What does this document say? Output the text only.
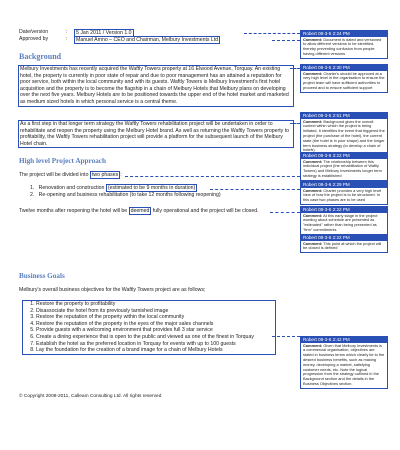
Date/version	:	5 Jan 2011 / Version 1.0
Approved by	:	Manuel Amno – CEO and Chairman, Melbury Investments Ltd
Background
Melbury Investments has recently acquired the Waftly Towers property at 16 Elwood Avenue, Torquay. An existing hotel, the property is currently in poor state of repair and due to poor management has an attained a reputation for poor service, both within the local community and with its guests. Waftly Towers is Melbury Investment's first hotel acquisition and the property is to become the flagship in a chain of Melbury Hotels that Melbury plans on developing over the next five years. Melbury Hotels are to be positioned towards the upper end of the hotel market and marketed as medium sized hotels in which personal service is a central theme.
As a first step in that longer term strategy the Waftly Towers rehabilitation project will be undertaken in order to rehabilitate and reopen the property using the Melbury Hotel brand. As well as returning the Waftly Towers property to profitability, the Waftly Towers rehabilitation project will provide a platform for the subsequent launch of the Melbury Hotel chain.
High level Project Approach
The project will be divided into two phases :
1.   Renovation and construction (estimated to be 9 months in duration)
2.   Re-opening and business rehabilitation (to take 12 months following reopening)
Twelve months after reopening the hotel will be deemed fully operational and the project will be closed.
Business Goals
Melbury's overall business objectives for the Waftly Towers project are as follows;
1. Restore the property to profitability
2. Disassociate the hotel from its previously tarnished image
3. Restore the reputation of the property within the local community
4. Restore the reputation of the property in the eyes of the major sales channels
5. Provide guests with a welcoming environment that provides full 3 star service
6. Create a dining experience that is open to the public and viewed as one of the finest in Torquay
7. Establish the hotel as the preferred location in Torquay for events with up to 100 guests
8. Lay the foundation for the creation of a brand image for a chain of Melbury Hotels
© Copyright 2008-2011, Calleam Consulting Ltd. All rights reserved
Robert 08-3-5 2:24 PM
Comment: Document is dated and versioned to allow different versions to be identified, thereby preventing confusion from people having different versions
Robert 08-3-5 2:30 PM
Comment: Charter's should be approved at a very high level in the organisation to ensure the project team will have sufficient authorities to proceed and to ensure sufficient support
Robert 08-3-5 2:51 PM
Comment: Background gives the overall context within which the project is being initiated. It identifies the event that triggered the project (the purchase of the hotel), the current state (the hotel is in poor shape) and the longer term business strategy (to develop a chain of hotels)
Robert 08-3-6 3:22 PM
Comment: The relationship between this individual project (the rehabilitation of Waftly Towers) and Melbury Investments longer term strategy is established
Robert 08-3-6 2:29 PM
Comment: Charter provides a very high level view of how the project is to be structured. In this case two phases are to be used
Robert 08-3-6 2:22 PM
Comment: At this early stage in the project wording about schedule are presented as "estimated" rather than being presented as "firm" commitments
Robert 08-3-6 2:22 PM
Comment: This point at which the project will be closed is defined
Robert 08-3-6 2:42 PM
Comment: Given that Melbury Investments is a commercial organisation, objectives are stated in business terms which clearly tie to the desired business benefits, such as making money, developing a market, satisfying customer needs, etc. Note the logical progression from the strategy outlined in the Background section and the details in the Business Objectives section.
